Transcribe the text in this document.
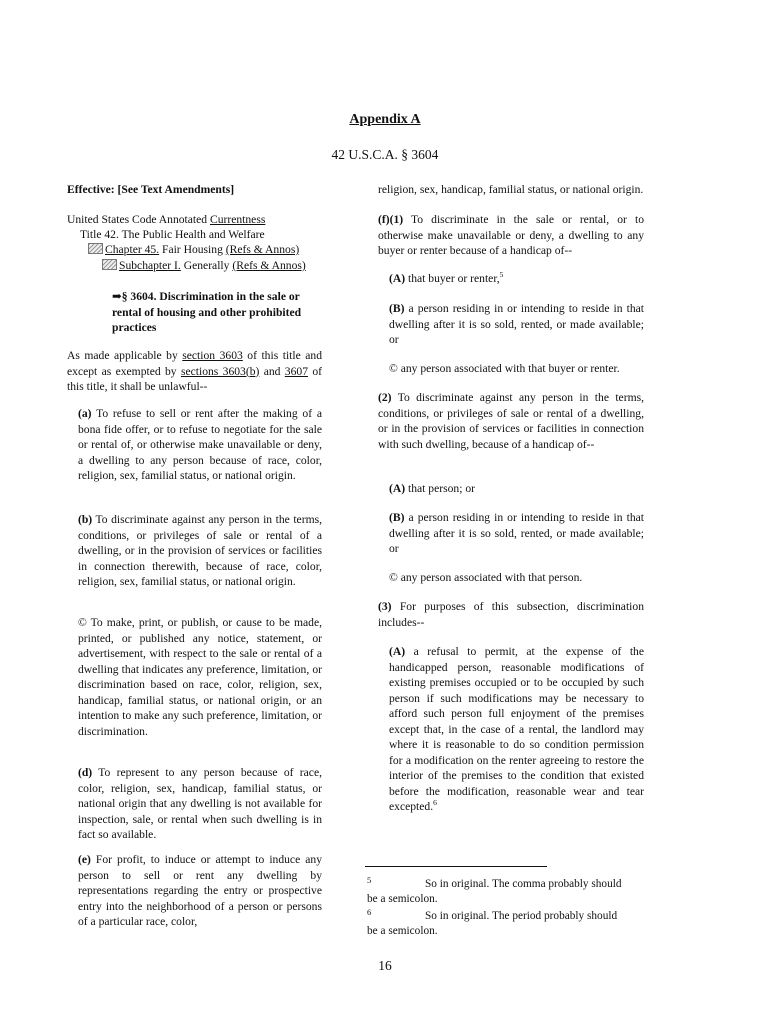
Appendix A
42 U.S.C.A. § 3604
Effective: [See Text Amendments]
United States Code Annotated Currentness
Title 42. The Public Health and Welfare
Chapter 45. Fair Housing (Refs & Annos)
Subchapter I. Generally (Refs & Annos)
➡§ 3604. Discrimination in the sale or rental of housing and other prohibited practices
As made applicable by section 3603 of this title and except as exempted by sections 3603(b) and 3607 of this title, it shall be unlawful--
(a) To refuse to sell or rent after the making of a bona fide offer, or to refuse to negotiate for the sale or rental of, or otherwise make unavailable or deny, a dwelling to any person because of race, color, religion, sex, familial status, or national origin.
(b) To discriminate against any person in the terms, conditions, or privileges of sale or rental of a dwelling, or in the provision of services or facilities in connection therewith, because of race, color, religion, sex, familial status, or national origin.
© To make, print, or publish, or cause to be made, printed, or published any notice, statement, or advertisement, with respect to the sale or rental of a dwelling that indicates any preference, limitation, or discrimination based on race, color, religion, sex, handicap, familial status, or national origin, or an intention to make any such preference, limitation, or discrimination.
(d) To represent to any person because of race, color, religion, sex, handicap, familial status, or national origin that any dwelling is not available for inspection, sale, or rental when such dwelling is in fact so available.
(e) For profit, to induce or attempt to induce any person to sell or rent any dwelling by representations regarding the entry or prospective entry into the neighborhood of a person or persons of a particular race, color,
religion, sex, handicap, familial status, or national origin.
(f)(1) To discriminate in the sale or rental, or to otherwise make unavailable or deny, a dwelling to any buyer or renter because of a handicap of--
(A) that buyer or renter,$^5$
(B) a person residing in or intending to reside in that dwelling after it is so sold, rented, or made available; or
© any person associated with that buyer or renter.
(2) To discriminate against any person in the terms, conditions, or privileges of sale or rental of a dwelling, or in the provision of services or facilities in connection with such dwelling, because of a handicap of--
(A) that person; or
(B) a person residing in or intending to reside in that dwelling after it is so sold, rented, or made available; or
© any person associated with that person.
(3) For purposes of this subsection, discrimination includes--
(A) a refusal to permit, at the expense of the handicapped person, reasonable modifications of existing premises occupied or to be occupied by such person if such modifications may be necessary to afford such person full enjoyment of the premises except that, in the case of a rental, the landlord may where it is reasonable to do so condition permission for a modification on the renter agreeing to restore the interior of the premises to the condition that existed before the modification, reasonable wear and tear excepted.$^6$
5	So in original. The comma probably should
be a semicolon.
6	So in original. The period probably should
be a semicolon.
16
